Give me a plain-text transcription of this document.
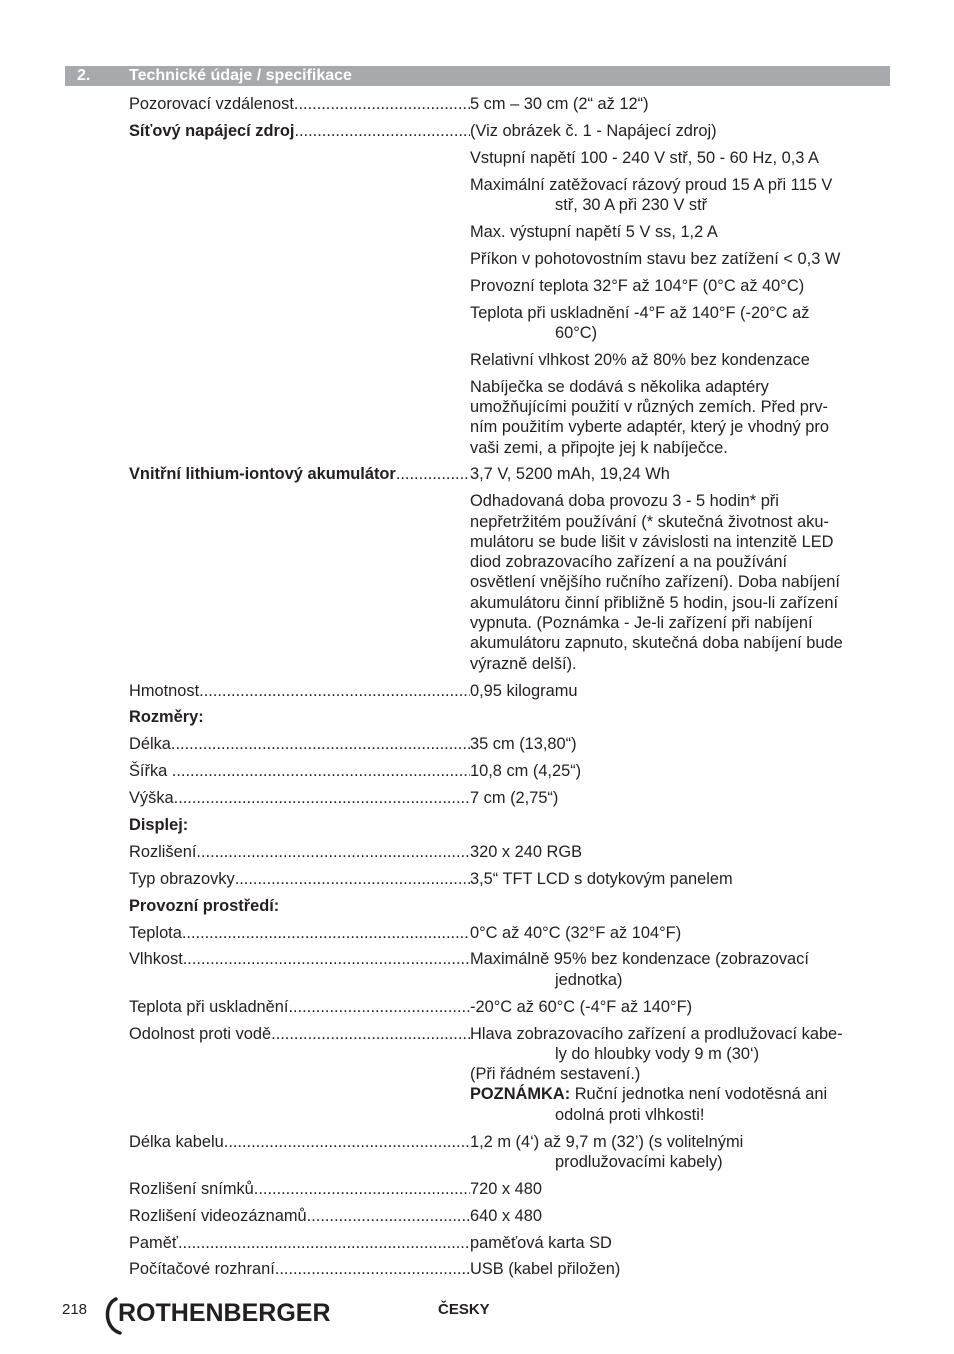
2. Technické údaje / specifikace
Pozorovací vzdálenost .....	5 cm – 30 cm (2“ až 12“)
Síťový napájecí zdroj .....	(Viz obrázek č. 1 - Napájecí zdroj)
Vstupní napětí 100 - 240 V stř, 50 - 60 Hz, 0,3 A
Maximální zatěžovací rázový proud 15 A při 115 V
stř, 30 A při 230 V stř
Max. výstupní napětí 5 V ss, 1,2 A
Příkon v pohotovostním stavu bez zatížení < 0,3 W
Provozní teplota 32°F až 104°F (0°C až 40°C)
Teplota při uskladnění -4°F až 140°F (-20°C až
60°C)
Relativní vlhkost 20% až 80% bez kondenzace
Nabíječka se dodává s několika adaptéry
umožňujícími použití v různých zemích. Před prv-
ním použitím vyberte adaptér, který je vhodný pro
vaši zemi, a připojte jej k nabíječce.
Vnitřní lithium-iontový akumulátor .....	3,7 V, 5200 mAh, 19,24 Wh
Odhadovaná doba provozu 3 - 5 hodin* při
nepřetržitém používání (* skutečná životnost aku-
mulátoru se bude lišit v závislosti na intenzitě LED
diod zobrazovacího zařízení a na používání
osvětlení vnějšího ručního zařízení). Doba nabíjení
akumulátoru činní přibližně 5 hodin, jsou-li zařízení
vypnuta. (Poznámka - Je-li zařízení při nabíjení
akumulátoru zapnuto, skutečná doba nabíjení bude
výrazně delší).
Hmotnost .....	0,95 kilogramu
Rozměry:
Délka .....	35 cm (13,80“)
Šířka . .....	10,8 cm (4,25“)
Výška .....	7 cm (2,75“)
Displej:
Rozlišení .....	320 x 240 RGB
Typ obrazovky .....	3,5“ TFT LCD s dotykovým panelem
Provozní prostředí:
Teplota .....	0°C až 40°C (32°F až 104°F)
Vlhkost .....	Maximálně 95% bez kondenzace (zobrazovací
jednotka)
Teplota při uskladnění .....	-20°C až 60°C (-4°F až 140°F)
Odolnost proti vodě .....	Hlava zobrazovacího zařízení a prodlužovací kabe-
ly do hloubky vody 9 m (30‘)
(Při řádném sestavení.)
POZNÁMKA: Ruční jednotka není vodotěsná ani
odolná proti vlhkosti!
Délka kabelu .....	1,2 m (4‘) až 9,7 m (32’) (s volitelnými
prodlužovacími kabely)
Rozlišení snímků .....	720 x 480
Rozlišení videozáznamů .....	640 x 480
Paměť .....	paměťová karta SD
Počítačové rozhraní .....	USB (kabel přiložen)
218 ROTHENBERGER	ČESKY
